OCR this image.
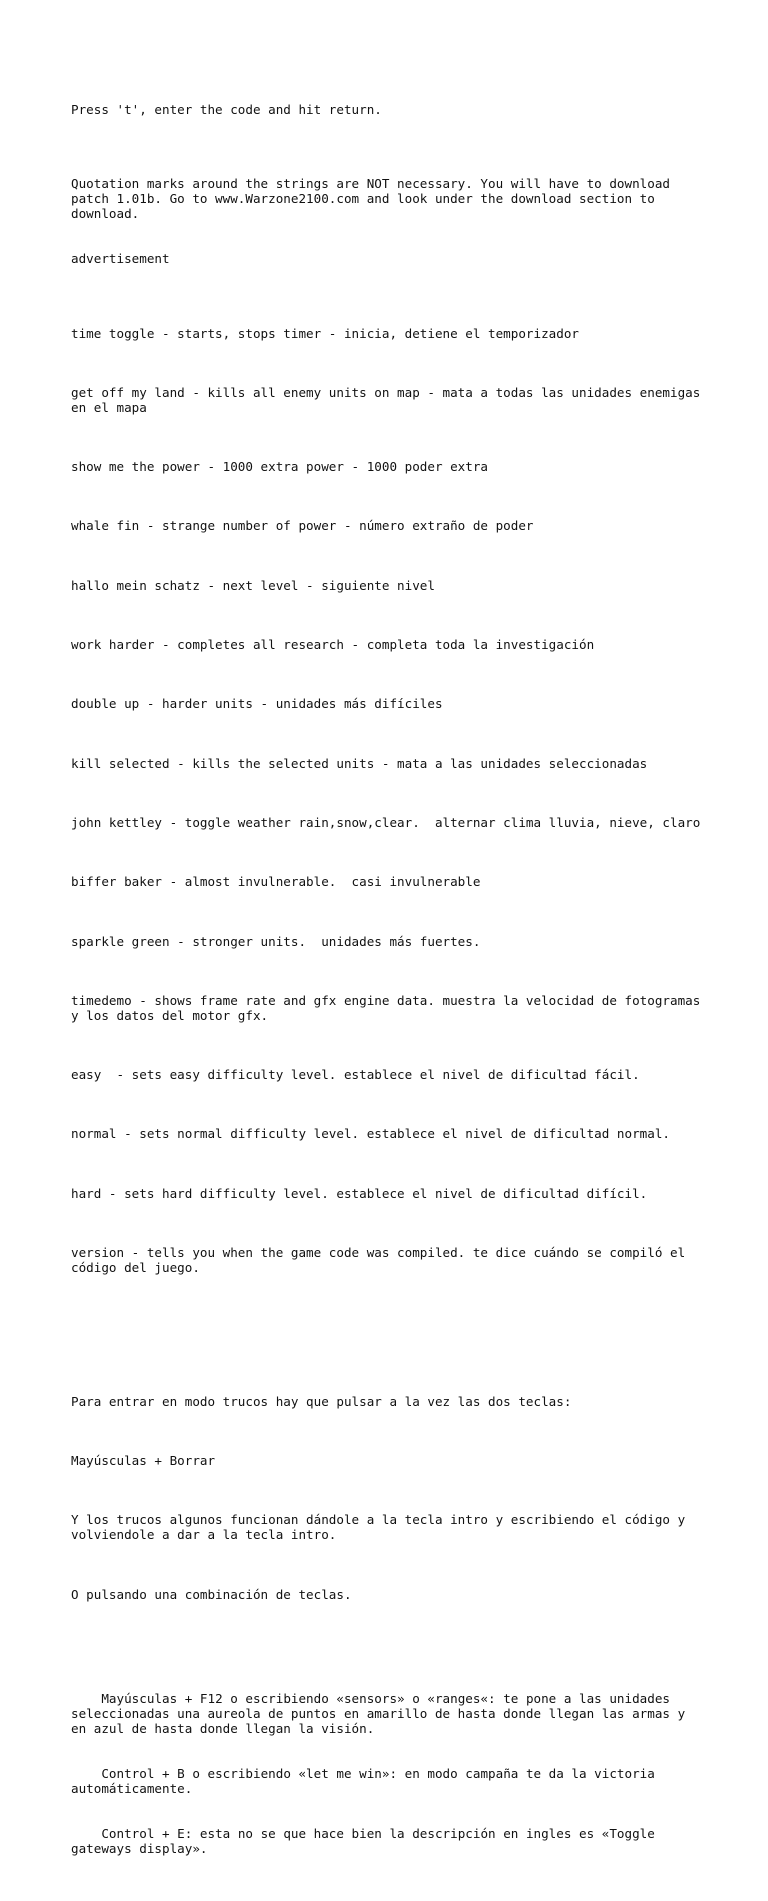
Press 't', enter the code and hit return.

Quotation marks around the strings are NOT necessary. You will have to download patch 1.01b. Go to www.Warzone2100.com and look under the download section to download.

advertisement

time toggle - starts, stops timer - inicia, detiene el temporizador

get off my land - kills all enemy units on map - mata a todas las unidades enemigas en el mapa

show me the power - 1000 extra power - 1000 poder extra

whale fin - strange number of power - número extraño de poder

hallo mein schatz - next level - siguiente nivel

work harder - completes all research - completa toda la investigación

double up - harder units - unidades más difíciles

kill selected - kills the selected units - mata a las unidades seleccionadas

john kettley - toggle weather rain,snow,clear.  alternar clima lluvia, nieve, claro

biffer baker - almost invulnerable.  casi invulnerable

sparkle green - stronger units.  unidades más fuertes.

timedemo - shows frame rate and gfx engine data. muestra la velocidad de fotogramas y los datos del motor gfx.

easy  - sets easy difficulty level. establece el nivel de dificultad fácil.

normal - sets normal difficulty level. establece el nivel de dificultad normal.

hard - sets hard difficulty level. establece el nivel de dificultad difícil.

version - tells you when the game code was compiled. te dice cuándo se compiló el código del juego.

Para entrar en modo trucos hay que pulsar a la vez las dos teclas:

Mayúsculas + Borrar

Y los trucos algunos funcionan dándole a la tecla intro y escribiendo el código y volviendole a dar a la tecla intro.

O pulsando una combinación de teclas.

Mayúsculas + F12 o escribiendo «sensors» o «ranges«: te pone a las unidades seleccionadas una aureola de puntos en amarillo de hasta donde llegan las armas y en azul de hasta donde llegan la visión.

Control + B o escribiendo «let me win»: en modo campaña te da la victoria automáticamente.

Control + E: esta no se que hace bien la descripción en ingles es «Toggle gateways display».
